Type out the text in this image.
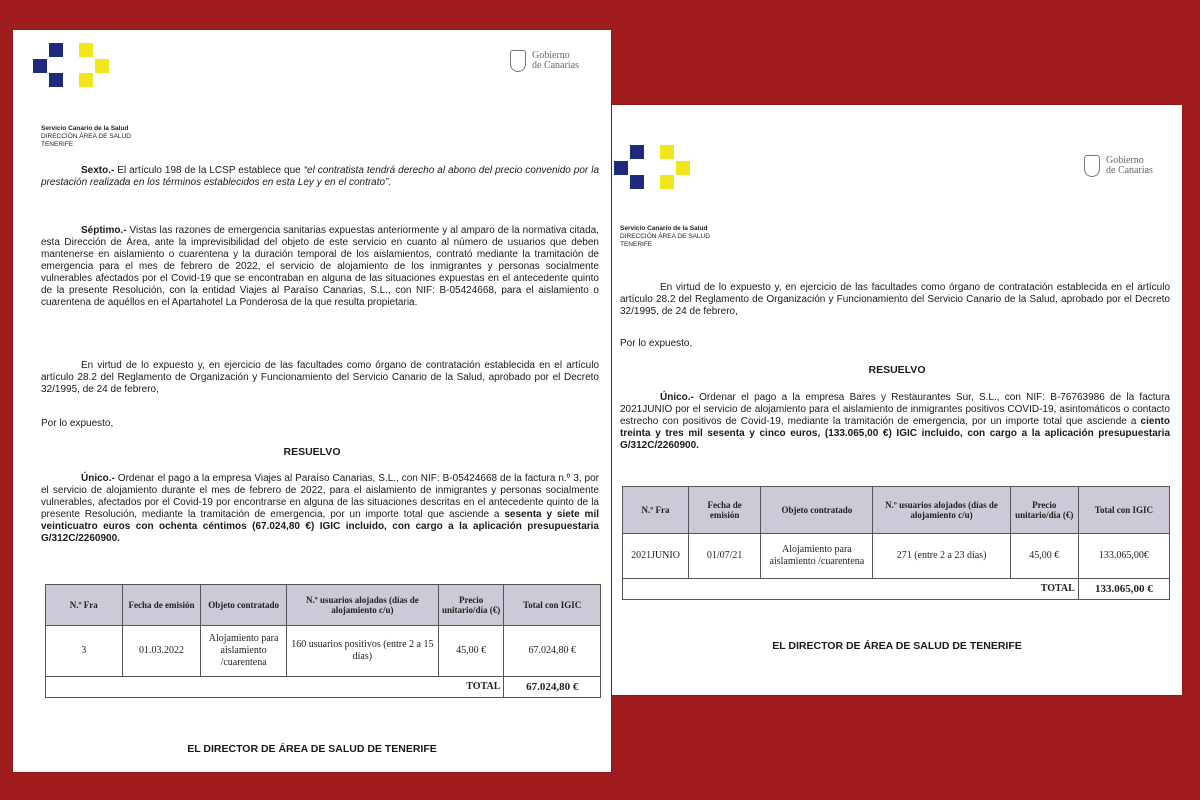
Gobierno
de Canarias
Servicio Canario de la Salud
DIRECCIÓN ÁREA DE SALUD
TENERIFE
Sexto.- El artículo 198 de la LCSP establece que “el contratista tendrá derecho al abono del precio convenido por la prestación realizada en los términos establecidos en esta Ley y en el contrato”.
Séptimo.- Vistas las razones de emergencia sanitarias expuestas anteriormente y al amparo de la normativa citada, esta Dirección de Área, ante la imprevisibilidad del objeto de este servicio en cuanto al número de usuarios que deben mantenerse en aislamiento o cuarentena y la duración temporal de los aislamientos, contrató mediante la tramitación de emergencia para el mes de febrero de 2022, el servicio de alojamiento de los inmigrantes y personas socialmente vulnerables afectados por el Covid-19 que se encontraban en alguna de las situaciones expuestas en el antecedente quinto de la presente Resolución, con la entidad Viajes al Paraíso Canarias, S.L., con NIF: B-05424668, para el aislamiento o cuarentena de aquéllos en el Apartahotel La Ponderosa de la que resulta propietaria.
En virtud de lo expuesto y, en ejercicio de las facultades como órgano de contratación establecida en el artículo artículo 28.2 del Reglamento de Organización y Funcionamiento del Servicio Canario de la Salud, aprobado por el Decreto 32/1995, de 24 de febrero,
Por lo expuesto,
RESUELVO
Único.- Ordenar el pago a la empresa Viajes al Paraíso Canarias, S.L., con NIF: B-05424668 de la factura n.º 3, por el servicio de alojamiento durante el mes de febrero de 2022, para el aislamiento de inmigrantes y personas socialmente vulnerables, afectados por el Covid-19 por encontrarse en alguna de las situaciones descritas en el antecedente quinto de la presente Resolución, mediante la tramitación de emergencia, por un importe total que asciende a sesenta y siete mil veinticuatro euros con ochenta céntimos (67.024,80 €) IGIC incluido, con cargo a la aplicación presupuestaria G/312C/2260900.
N.º Fra	Fecha de emisión	Objeto contratado	N.º usuarios alojados (días de alojamiento c/u)	Precio unitario/día (€)	Total con IGIC
3	01.03.2022	Alojamiento para aislamiento /cuarentena	160 usuarios positivos (entre 2 a 15 días)	45,00 €	67.024,80 €
TOTAL					67.024,80 €
EL DIRECTOR DE ÁREA DE SALUD DE TENERIFE
Gobierno
de Canarias
Servicio Canario de la Salud
DIRECCIÓN ÁREA DE SALUD
TENERIFE
En virtud de lo expuesto y, en ejercicio de las facultades como órgano de contratación establecida en el artículo artículo 28.2 del Reglamento de Organización y Funcionamiento del Servicio Canario de la Salud, aprobado por el Decreto 32/1995, de 24 de febrero,
Por lo expuesto,
RESUELVO
Único.- Ordenar el pago a la empresa Bares y Restaurantes Sur, S.L., con NIF: B-76763986 de la factura 2021JUNIO por el servicio de alojamiento para el aislamiento de inmigrantes positivos COVID-19, asintomáticos o contacto estrecho con positivos de Covid-19, mediante la tramitación de emergencia, por un importe total que asciende a ciento treinta y tres mil sesenta y cinco euros, (133.065,00 €) IGIC incluido, con cargo a la aplicación presupuestaria G/312C/2260900.
N.º Fra	Fecha de emisión	Objeto contratado	N.º usuarios alojados (días de alojamiento c/u)	Precio unitario/día (€)	Total con IGIC
2021JUNIO	01/07/21	Alojamiento para aislamiento /cuarentena	271 (entre 2 a 23 días)	45,00 €	133.065,00€
TOTAL					133.065,00 €
EL DIRECTOR DE ÁREA DE SALUD DE TENERIFE
